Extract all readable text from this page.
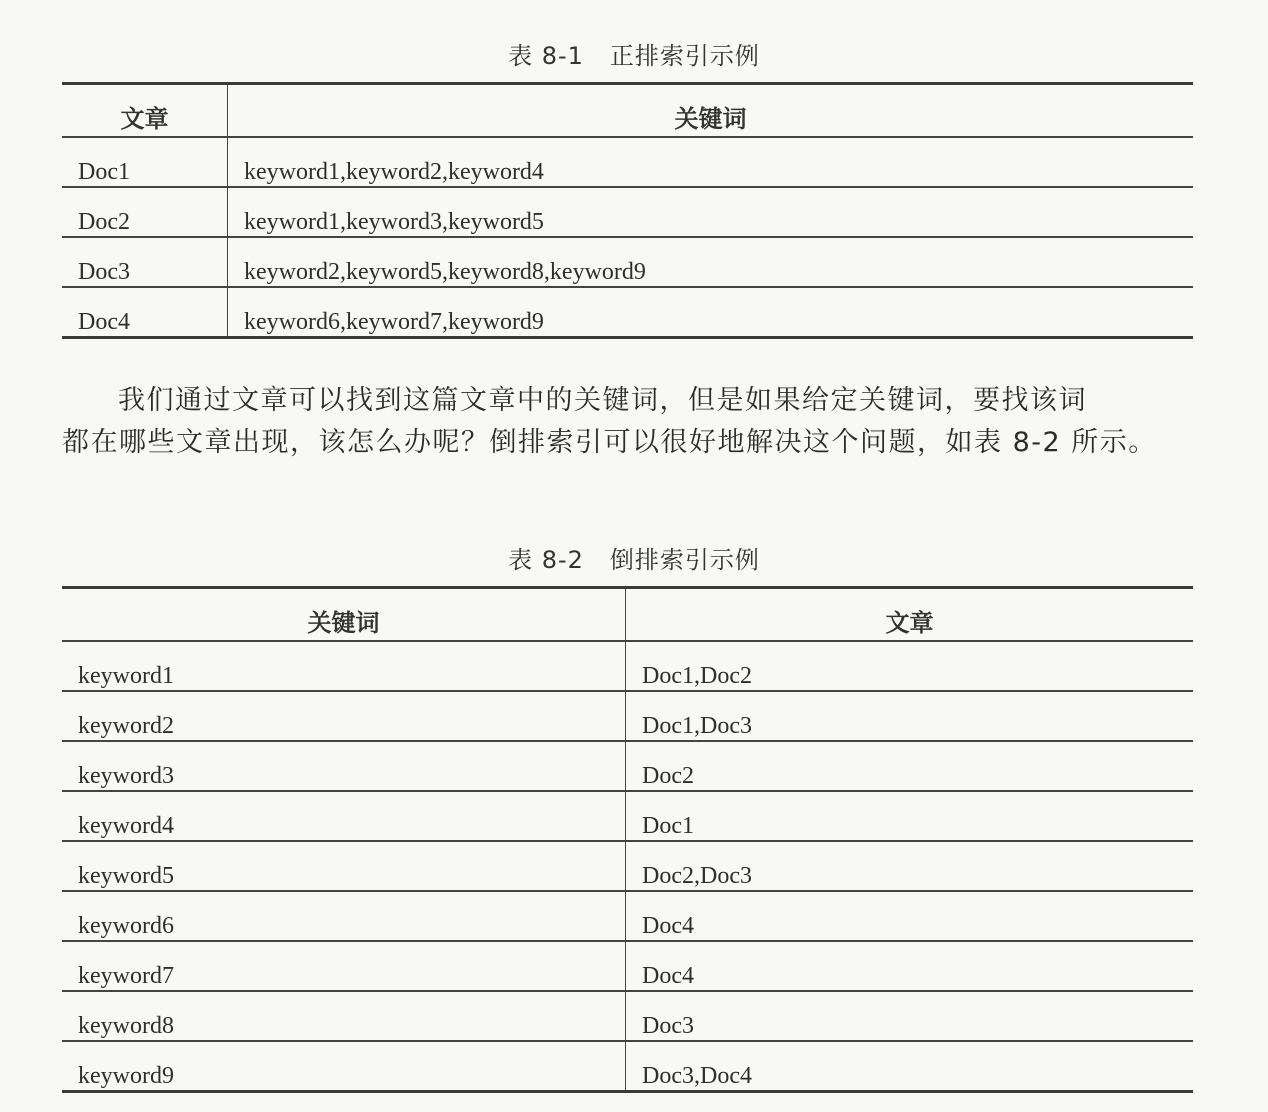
表 8-1 正排索引示例
文章	关键词
Doc1	keyword1,keyword2,keyword4
Doc2	keyword1,keyword3,keyword5
Doc3	keyword2,keyword5,keyword8,keyword9
Doc4	keyword6,keyword7,keyword9

我们通过文章可以找到这篇文章中的关键词，但是如果给定关键词，要找该词

都在哪些文章出现，该怎么办呢？倒排索引可以很好地解决这个问题，如表 8-2 所示。

表 8-2 倒排索引示例
关键词	文章
keyword1	Doc1,Doc2
keyword2	Doc1,Doc3
keyword3	Doc2
keyword4	Doc1
keyword5	Doc2,Doc3
keyword6	Doc4
keyword7	Doc4
keyword8	Doc3
keyword9	Doc3,Doc4
